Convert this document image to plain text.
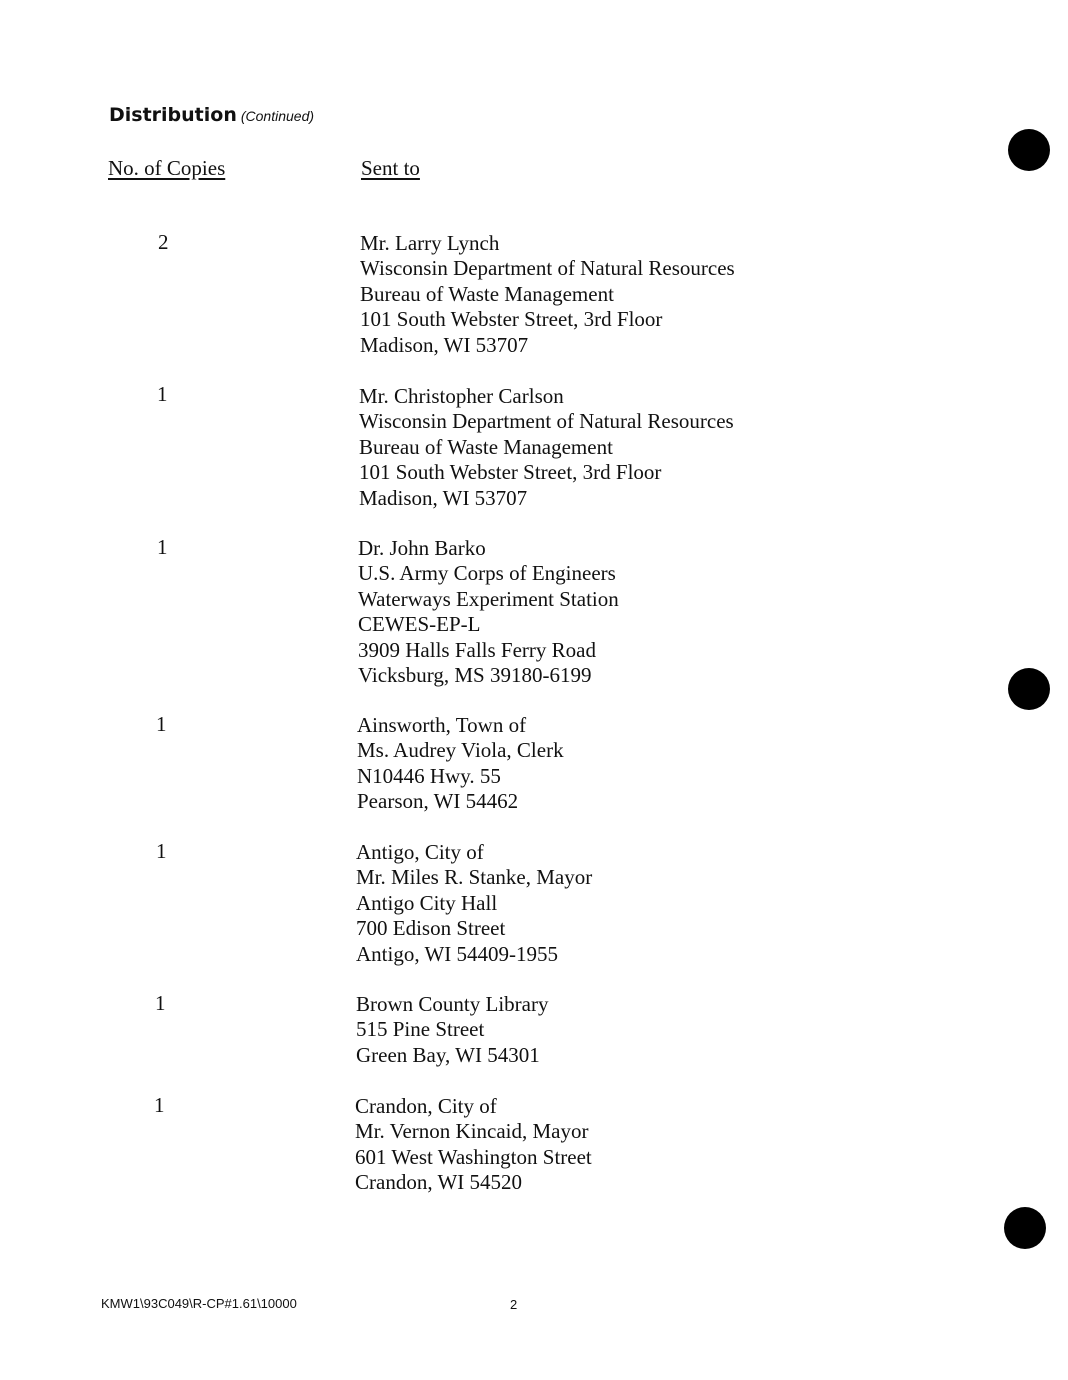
Distribution (Continued)
No. of Copies	Sent to
2	Mr. Larry Lynch
Wisconsin Department of Natural Resources
Bureau of Waste Management
101 South Webster Street, 3rd Floor
Madison, WI 53707
1	Mr. Christopher Carlson
Wisconsin Department of Natural Resources
Bureau of Waste Management
101 South Webster Street, 3rd Floor
Madison, WI 53707
1	Dr. John Barko
U.S. Army Corps of Engineers
Waterways Experiment Station
CEWES-EP-L
3909 Halls Falls Ferry Road
Vicksburg, MS 39180-6199
1	Ainsworth, Town of
Ms. Audrey Viola, Clerk
N10446 Hwy. 55
Pearson, WI 54462
1	Antigo, City of
Mr. Miles R. Stanke, Mayor
Antigo City Hall
700 Edison Street
Antigo, WI 54409-1955
1	Brown County Library
515 Pine Street
Green Bay, WI 54301
1	Crandon, City of
Mr. Vernon Kincaid, Mayor
601 West Washington Street
Crandon, WI 54520
KMW1\93C049\R-CP#1.61\10000	2
